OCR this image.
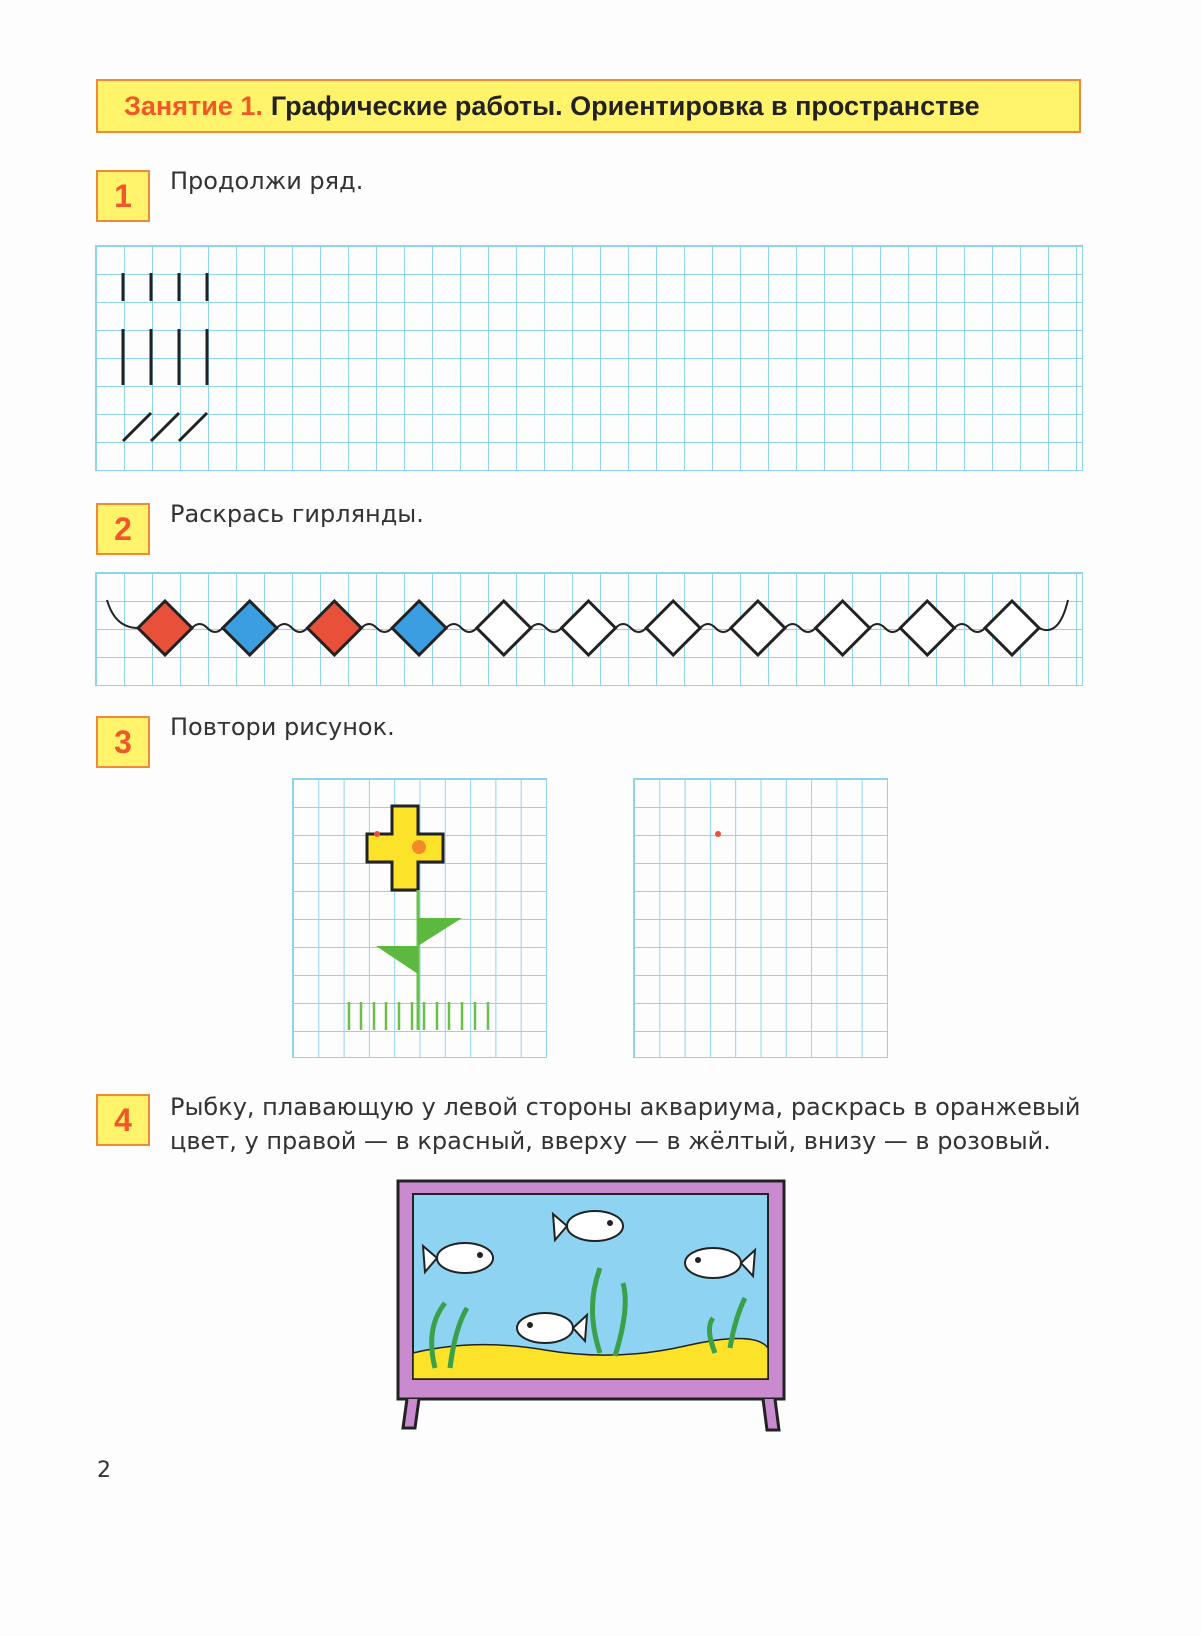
Занятие 1. Графические работы. Ориентировка в пространстве
1	Продолжи ряд.
2	Раскрась гирлянды.
3	Повтори рисунок.
4	Рыбку, плавающую у левой стороны аквариума, раскрась в оранжевый цвет, у правой — в красный, вверху — в жёлтый, внизу — в розовый.
2
